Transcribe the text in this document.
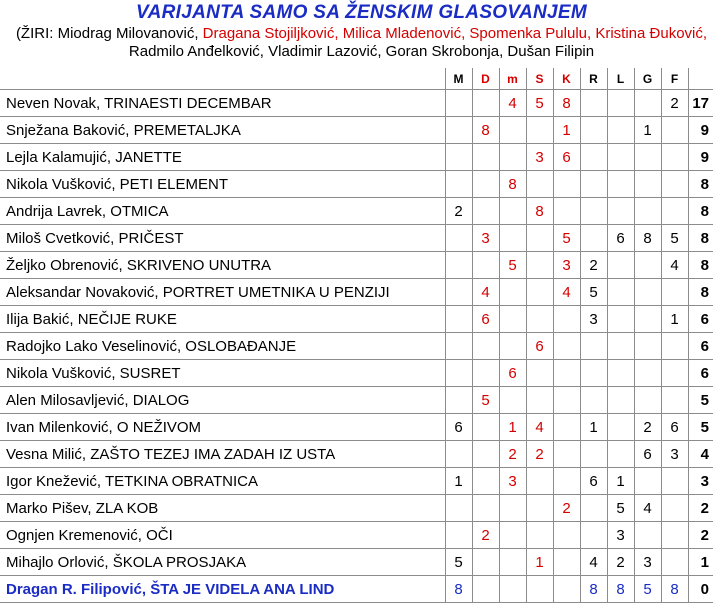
VARIJANTA SAMO SA ŽENSKIM GLASOVANJEM
(ŽIRI: Miodrag Milovanović, Dragana Stojiljković, Milica Mladenović, Spomenka Pululu, Kristina Đuković,
Radmilo Anđelković, Vladimir Lazović, Goran Skrobonja, Dušan Filipin
	M	D	m	S	K	R	L	G	F	
Neven Novak, TRINAESTI DECEMBAR			4	5	8				2	17
Snježana Baković, PREMETALJKA		8			1			1		9
Lejla Kalamujić, JANETTE				3	6					9
Nikola Vušković, PETI ELEMENT			8							8
Andrija Lavrek, OTMICA	2			8						8
Miloš Cvetković, PRIČEST		3			5		6	8	5	8
Željko Obrenović, SKRIVENO UNUTRA			5		3	2			4	8
Aleksandar Novaković, PORTRET UMETNIKA U PENZIJI		4			4	5				8
Ilija Bakić, NEČIJE RUKE		6				3			1	6
Radojko Lako Veselinović, OSLOBAĐANJE				6						6
Nikola Vušković, SUSRET			6							6
Alen Milosavljević, DIALOG		5								5
Ivan Milenković, O NEŽIVOM	6		1	4		1		2	6	5
Vesna Milić, ZAŠTO TEZEJ IMA ZADAH IZ USTA			2	2				6	3	4
Igor Knežević, TETKINA OBRATNICA	1		3			6	1			3
Marko Pišev, ZLA KOB					2		5	4		2
Ognjen Kremenović, OČI		2					3			2
Mihajlo Orlović, ŠKOLA PROSJAKA	5			1		4	2	3		1
Dragan R. Filipović, ŠTA JE VIDELA ANA LIND	8					8	8	5	8	0
